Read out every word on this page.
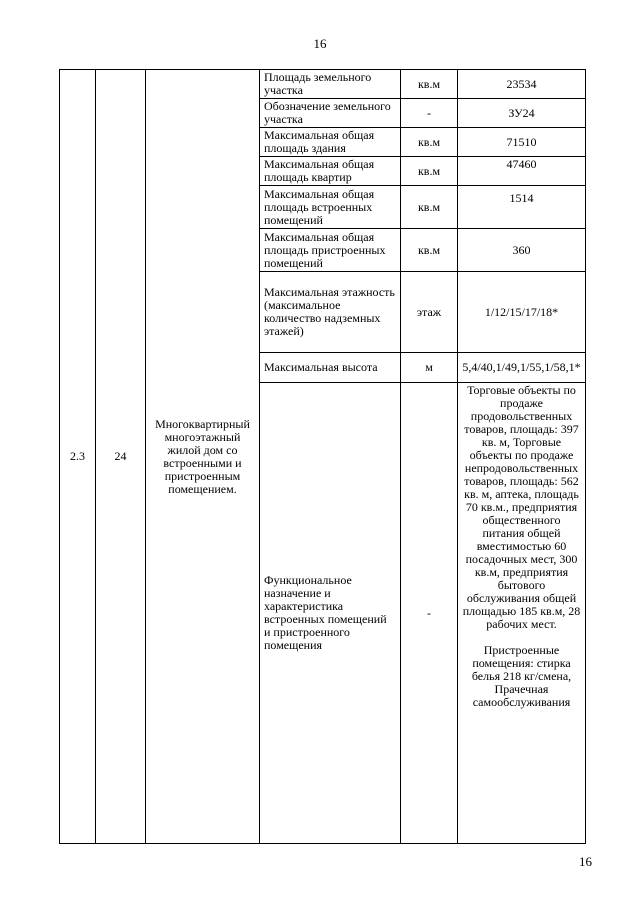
16
2.3	24	Многоквартирный многоэтажный жилой дом со встроенными и пристроенным помещением.	Площадь земельного участка	кв.м	23534
			Обозначение земельного участка	-	ЗУ24
			Максимальная общая площадь здания	кв.м	71510
			Максимальная общая площадь квартир	кв.м	47460
			Максимальная общая площадь встроенных помещений	кв.м	1514
			Максимальная общая площадь пристроенных помещений	кв.м	360
			Максимальная этажность (максимальное количество надземных этажей)	этаж	1/12/15/17/18*
			Максимальная высота	м	5,4/40,1/49,1/55,1/58,1*
			Функциональное назначение и характеристика встроенных помещений и пристроенного помещения	-	Торговые объекты по продаже продовольственных товаров, площадь: 397 кв. м, Торговые объекты по продаже непродовольственных товаров, площадь: 562 кв. м, аптека, площадь 70 кв.м., предприятия общественного питания общей вместимостью 60 посадочных мест, 300 кв.м, предприятия бытового обслуживания общей площадью 185 кв.м, 28 рабочих мест.
Пристроенные помещения: стирка белья 218 кг/смена, Прачечная самообслуживания
16
